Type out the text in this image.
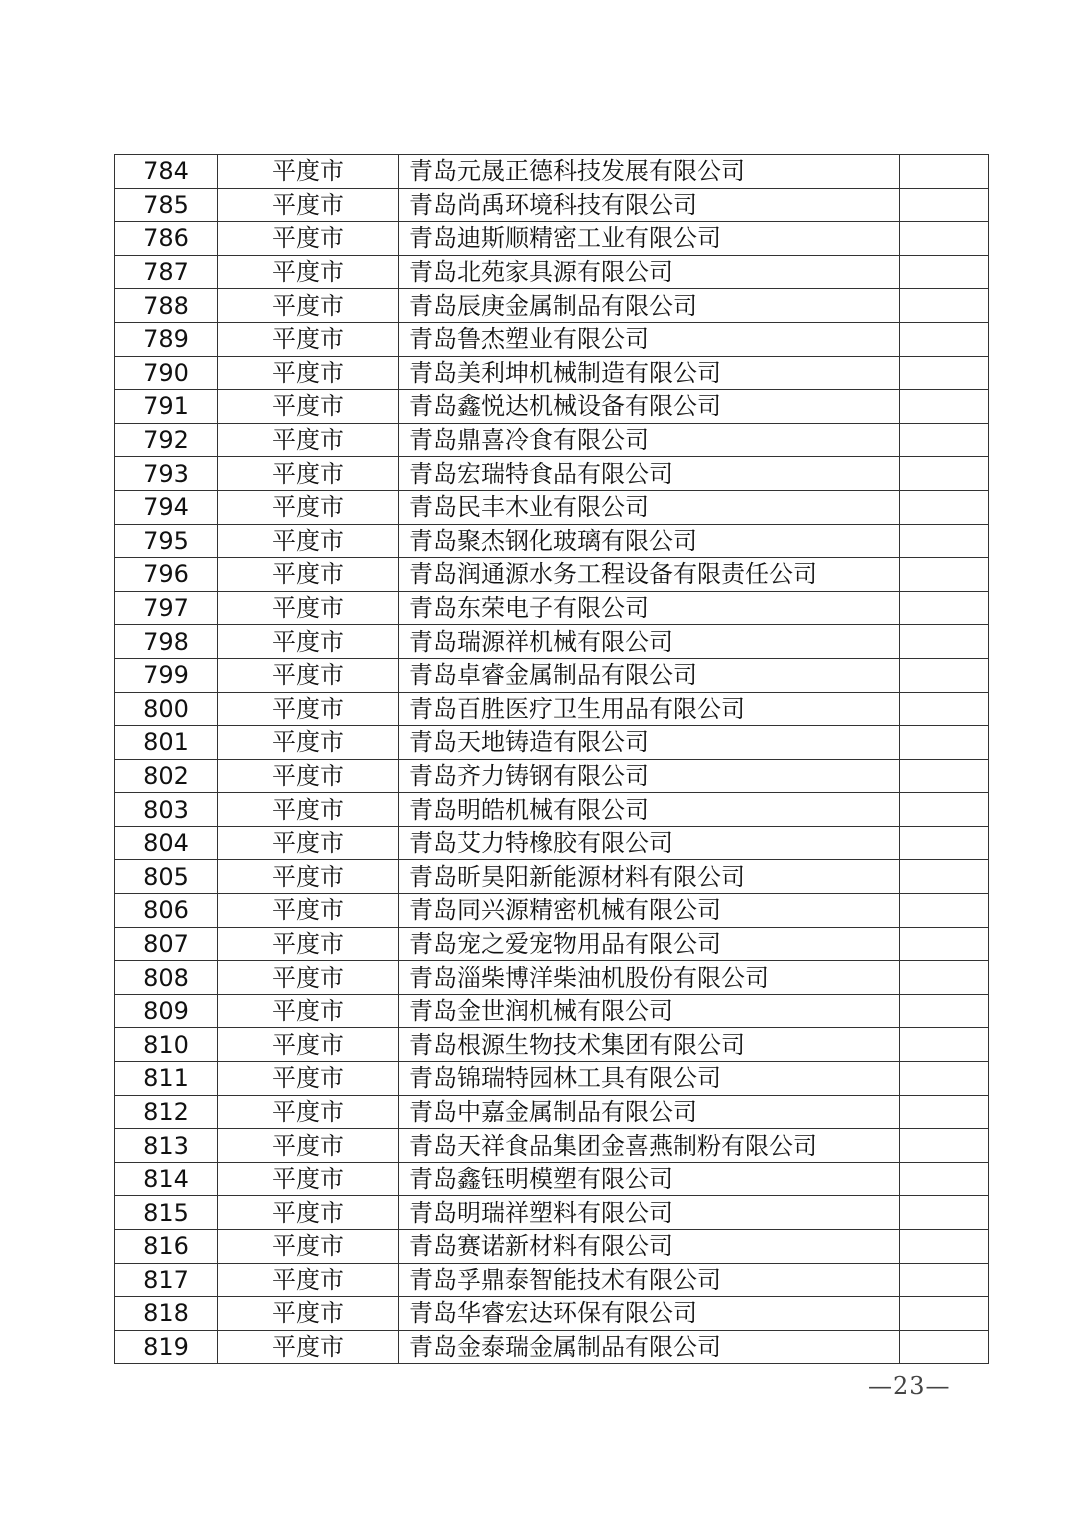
784	平度市	青岛元晟正德科技发展有限公司	
785	平度市	青岛尚禹环境科技有限公司	
786	平度市	青岛迪斯顺精密工业有限公司	
787	平度市	青岛北苑家具源有限公司	
788	平度市	青岛辰庚金属制品有限公司	
789	平度市	青岛鲁杰塑业有限公司	
790	平度市	青岛美利坤机械制造有限公司	
791	平度市	青岛鑫悦达机械设备有限公司	
792	平度市	青岛鼎喜冷食有限公司	
793	平度市	青岛宏瑞特食品有限公司	
794	平度市	青岛民丰木业有限公司	
795	平度市	青岛聚杰钢化玻璃有限公司	
796	平度市	青岛润通源水务工程设备有限责任公司	
797	平度市	青岛东荣电子有限公司	
798	平度市	青岛瑞源祥机械有限公司	
799	平度市	青岛卓睿金属制品有限公司	
800	平度市	青岛百胜医疗卫生用品有限公司	
801	平度市	青岛天地铸造有限公司	
802	平度市	青岛齐力铸钢有限公司	
803	平度市	青岛明皓机械有限公司	
804	平度市	青岛艾力特橡胶有限公司	
805	平度市	青岛昕昊阳新能源材料有限公司	
806	平度市	青岛同兴源精密机械有限公司	
807	平度市	青岛宠之爱宠物用品有限公司	
808	平度市	青岛淄柴博洋柴油机股份有限公司	
809	平度市	青岛金世润机械有限公司	
810	平度市	青岛根源生物技术集团有限公司	
811	平度市	青岛锦瑞特园林工具有限公司	
812	平度市	青岛中嘉金属制品有限公司	
813	平度市	青岛天祥食品集团金喜燕制粉有限公司	
814	平度市	青岛鑫钰明模塑有限公司	
815	平度市	青岛明瑞祥塑料有限公司	
816	平度市	青岛赛诺新材料有限公司	
817	平度市	青岛孚鼎泰智能技术有限公司	
818	平度市	青岛华睿宏达环保有限公司	
819	平度市	青岛金泰瑞金属制品有限公司	
—23—
